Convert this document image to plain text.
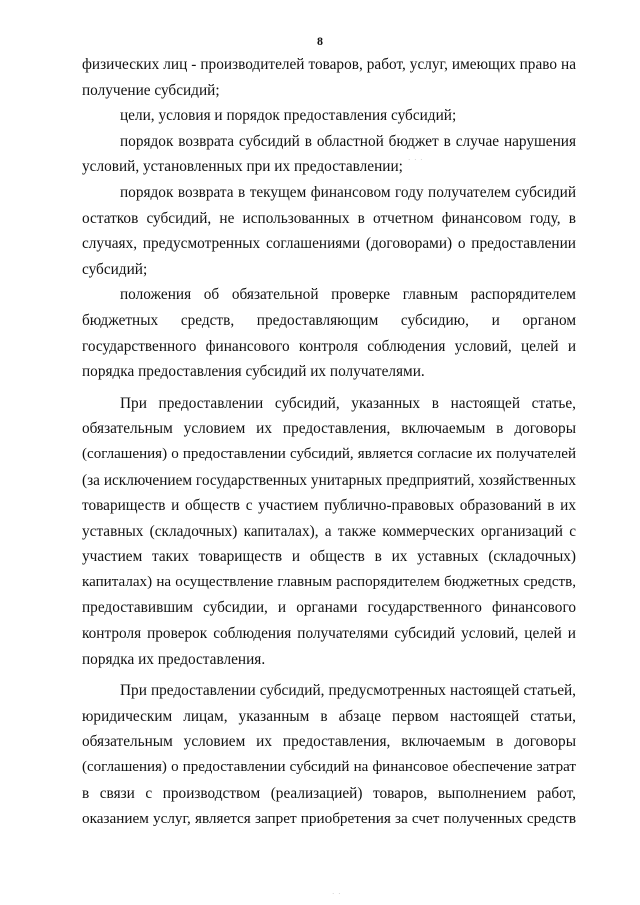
8
физических лиц - производителей товаров, работ, услуг, имеющих право на
получение субсидий;
цели, условия и порядок предоставления субсидий;
порядок возврата субсидий в областной бюджет в случае нарушения
условий, установленных при их предоставлении;
порядок возврата в текущем финансовом году получателем субсидий
остатков субсидий, не использованных в отчетном финансовом году, в
случаях, предусмотренных соглашениями (договорами) о предоставлении
субсидий;
положения об обязательной проверке главным распорядителем
бюджетных средств, предоставляющим субсидию, и органом
государственного финансового контроля соблюдения условий, целей и
порядка предоставления субсидий их получателями.
При предоставлении субсидий, указанных в настоящей статье,
обязательным условием их предоставления, включаемым в договоры
(соглашения) о предоставлении субсидий, является согласие их получателей
(за исключением государственных унитарных предприятий, хозяйственных
товариществ и обществ с участием публично-правовых образований в их
уставных (складочных) капиталах), а также коммерческих организаций с
участием таких товариществ и обществ в их уставных (складочных)
капиталах) на осуществление главным распорядителем бюджетных средств,
предоставившим субсидии, и органами государственного финансового
контроля проверок соблюдения получателями субсидий условий, целей и
порядка их предоставления.
При предоставлении субсидий, предусмотренных настоящей статьей,
юридическим лицам, указанным в абзаце первом настоящей статьи,
обязательным условием их предоставления, включаемым в договоры
(соглашения) о предоставлении субсидий на финансовое обеспечение затрат
в связи с производством (реализацией) товаров, выполнением работ,
оказанием услуг, является запрет приобретения за счет полученных средств
· · ·
· ·
